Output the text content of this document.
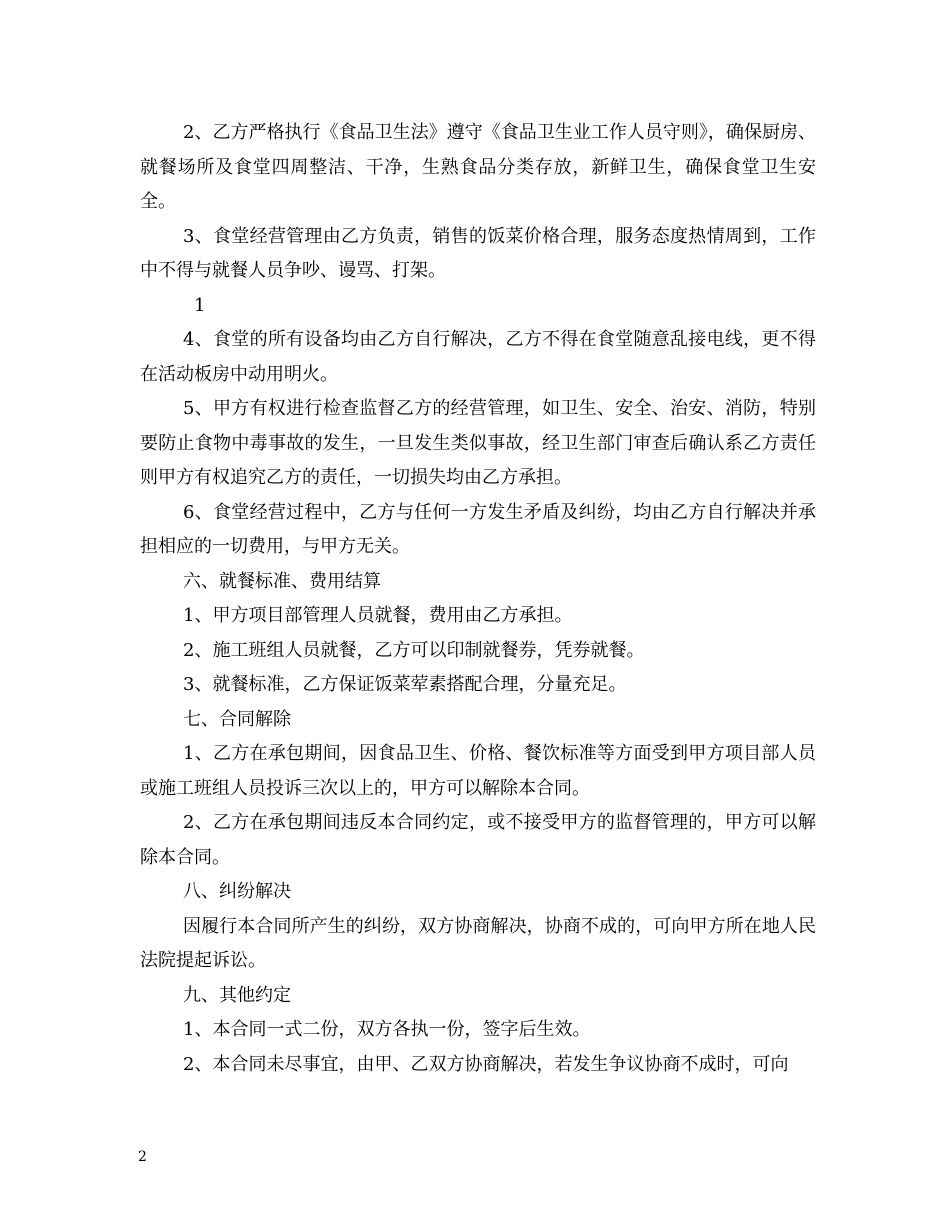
2、乙方严格执行《食品卫生法》遵守《食品卫生业工作人员守则》，确保厨房、就餐场所及食堂四周整洁、干净，生熟食品分类存放，新鲜卫生，确保食堂卫生安全。

3、食堂经营管理由乙方负责，销售的饭菜价格合理，服务态度热情周到，工作中不得与就餐人员争吵、谩骂、打架。

1

4、食堂的所有设备均由乙方自行解决，乙方不得在食堂随意乱接电线，更不得在活动板房中动用明火。

5、甲方有权进行检查监督乙方的经营管理，如卫生、安全、治安、消防，特别要防止食物中毒事故的发生，一旦发生类似事故，经卫生部门审查后确认系乙方责任则甲方有权追究乙方的责任，一切损失均由乙方承担。

6、食堂经营过程中，乙方与任何一方发生矛盾及纠纷，均由乙方自行解决并承担相应的一切费用，与甲方无关。

六、就餐标准、费用结算

1、甲方项目部管理人员就餐，费用由乙方承担。

2、施工班组人员就餐，乙方可以印制就餐券，凭券就餐。

3、就餐标准，乙方保证饭菜荤素搭配合理，分量充足。

七、合同解除

1、乙方在承包期间，因食品卫生、价格、餐饮标准等方面受到甲方项目部人员或施工班组人员投诉三次以上的，甲方可以解除本合同。

2、乙方在承包期间违反本合同约定，或不接受甲方的监督管理的，甲方可以解除本合同。

八、纠纷解决

因履行本合同所产生的纠纷，双方协商解决，协商不成的，可向甲方所在地人民法院提起诉讼。

九、其他约定

1、本合同一式二份，双方各执一份，签字后生效。

2、本合同未尽事宜，由甲、乙双方协商解决，若发生争议协商不成时，可向

2
